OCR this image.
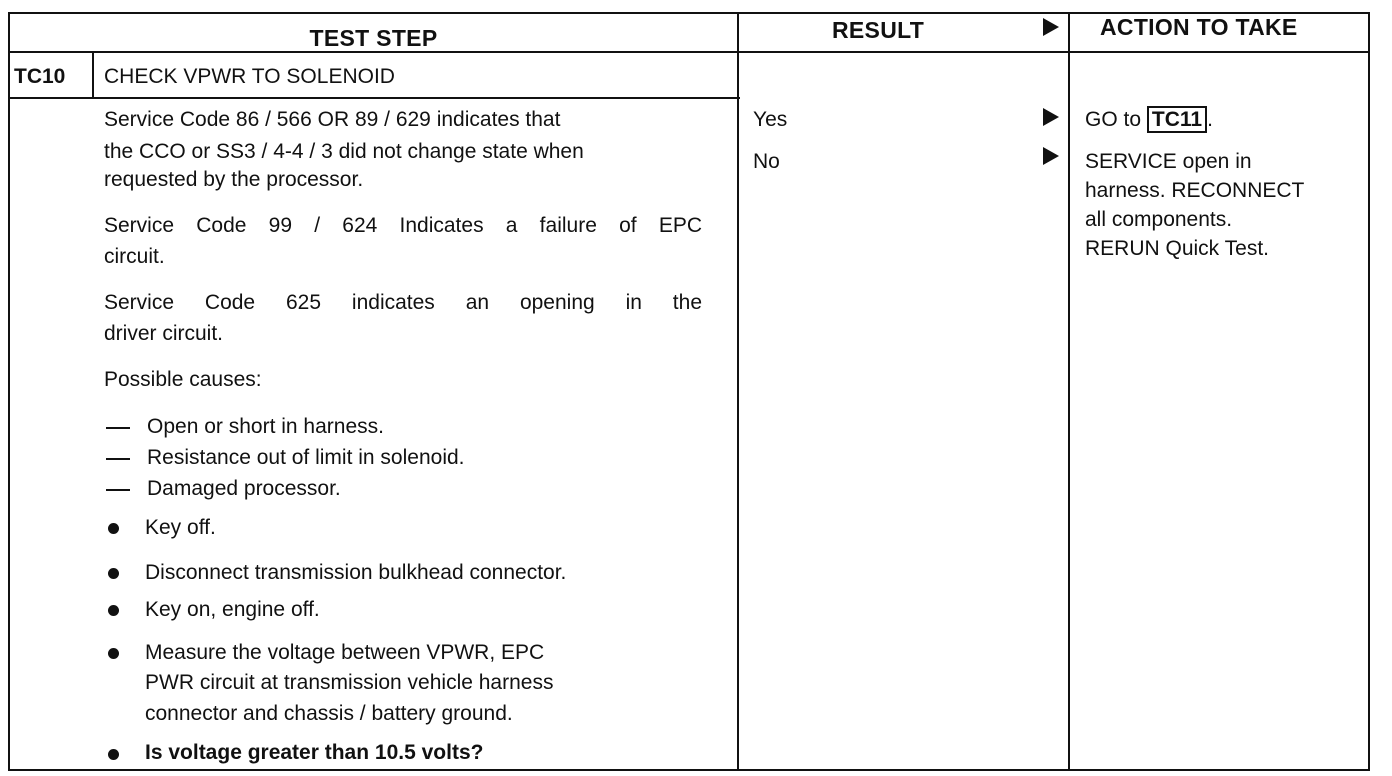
TEST STEP	RESULT	ACTION TO TAKE
TC10 CHECK VPWR TO SOLENOID
Service Code 86 / 566 OR 89 / 629 indicates that
the CCO or SS3 / 4-4 / 3 did not change state when
requested by the processor.
Service Code 99 / 624 Indicates a failure of EPC
circuit.
Service Code 625 indicates an opening in the
driver circuit.
Possible causes:
Open or short in harness.
Resistance out of limit in solenoid.
Damaged processor.
Key off.
Disconnect transmission bulkhead connector.
Key on, engine off.
Measure the voltage between VPWR, EPC
PWR circuit at transmission vehicle harness
connector and chassis / battery ground.
Is voltage greater than 10.5 volts?
Yes
No
GO to TC11 .
SERVICE open in
harness. RECONNECT
all components.
RERUN Quick Test.
